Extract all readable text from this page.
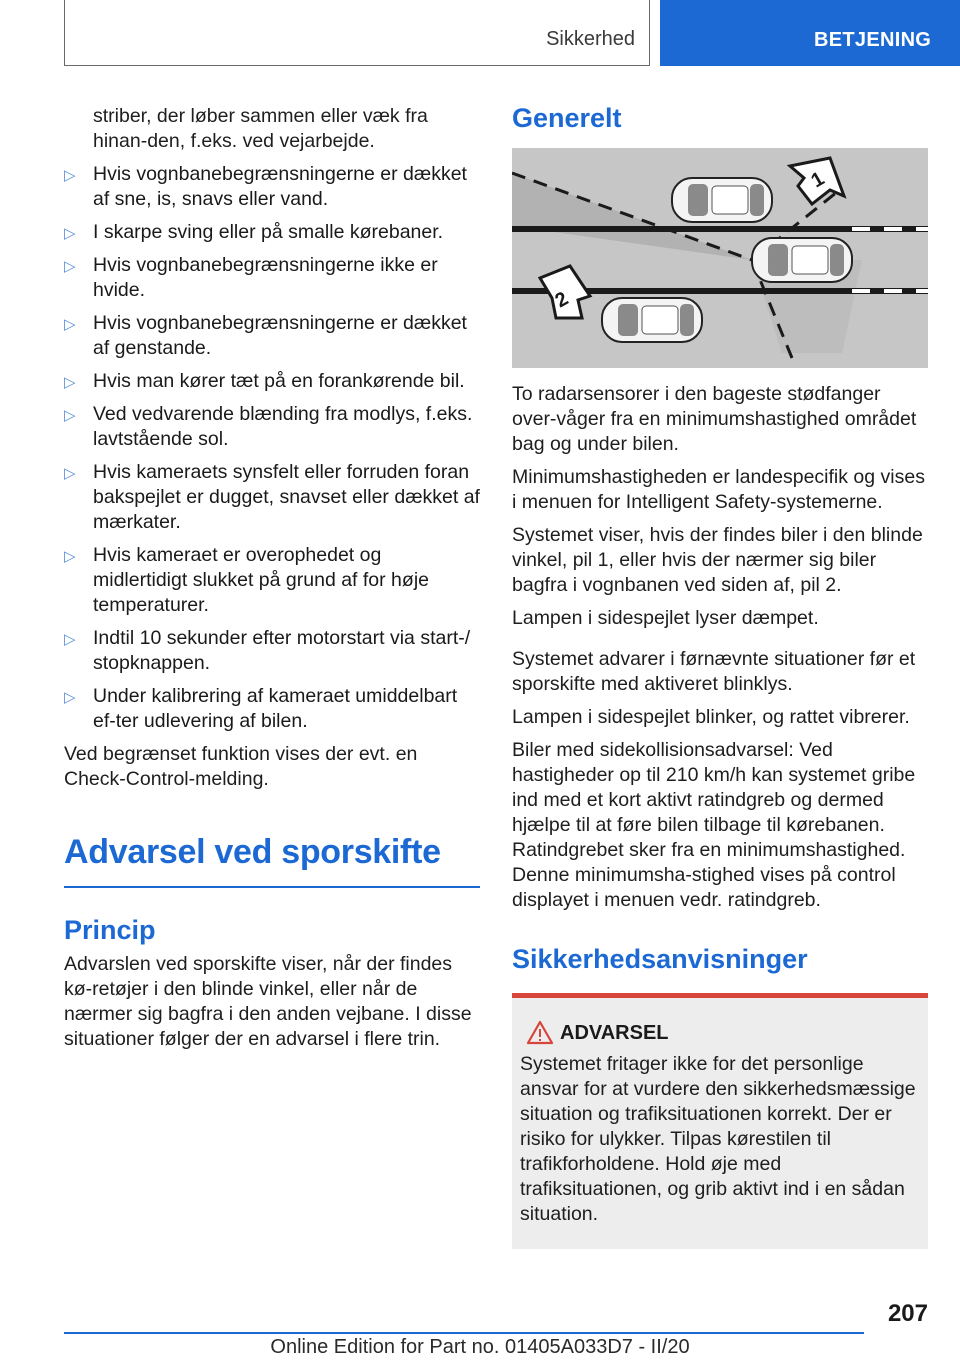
Sikkerhed	BETJENING

striber, der løber sammen eller væk fra hinan-den, f.eks. ved vejarbejde.

▷ Hvis vognbanebegrænsningerne er dækket af sne, is, snavs eller vand.
▷ I skarpe sving eller på smalle kørebaner.
▷ Hvis vognbanebegrænsningerne ikke er hvide.
▷ Hvis vognbanebegrænsningerne er dækket af genstande.
▷ Hvis man kører tæt på en forankørende bil.
▷ Ved vedvarende blænding fra modlys, f.eks. lavtstående sol.
▷ Hvis kameraets synsfelt eller forruden foran bakspejlet er dugget, snavset eller dækket af mærkater.
▷ Hvis kameraet er overophedet og midlertidigt slukket på grund af for høje temperaturer.
▷ Indtil 10 sekunder efter motorstart via start-/ stopknappen.
▷ Under kalibrering af kameraet umiddelbart ef-ter udlevering af bilen.

Ved begrænset funktion vises der evt. en Check-Control-melding.

Advarsel ved sporskifte
Princip

Advarslen ved sporskifte viser, når der findes kø-retøjer i den blinde vinkel, eller når de nærmer sig bagfra i den anden vejbane. I disse situationer følger der en advarsel i flere trin.

Generelt
1
2

To radarsensorer i den bageste stødfanger over-våger fra en minimumshastighed området bag og under bilen.

Minimumshastigheden er landespecifik og vises i menuen for Intelligent Safety-systemerne.

Systemet viser, hvis der findes biler i den blinde vinkel, pil 1, eller hvis der nærmer sig biler bagfra i vognbanen ved siden af, pil 2.

Lampen i sidespejlet lyser dæmpet.

Systemet advarer i førnævnte situationer før et sporskifte med aktiveret blinklys.

Lampen i sidespejlet blinker, og rattet vibrerer.

Biler med sidekollisionsadvarsel: Ved hastigheder op til 210 km/h kan systemet gribe ind med et kort aktivt ratindgreb og dermed hjælpe til at føre bilen tilbage til kørebanen. Ratindgrebet sker fra en minimumshastighed. Denne minimumsha-stighed vises på control displayet i menuen vedr. ratindgreb.

Sikkerhedsanvisninger
ADVARSEL

Systemet fritager ikke for det personlige ansvar for at vurdere den sikkerhedsmæssige situation og trafiksituationen korrekt. Der er risiko for ulykker. Tilpas kørestilen til trafikforholdene. Hold øje med trafiksituationen, og grib aktivt ind i en sådan situation.

207
Online Edition for Part no. 01405A033D7 - II/20
